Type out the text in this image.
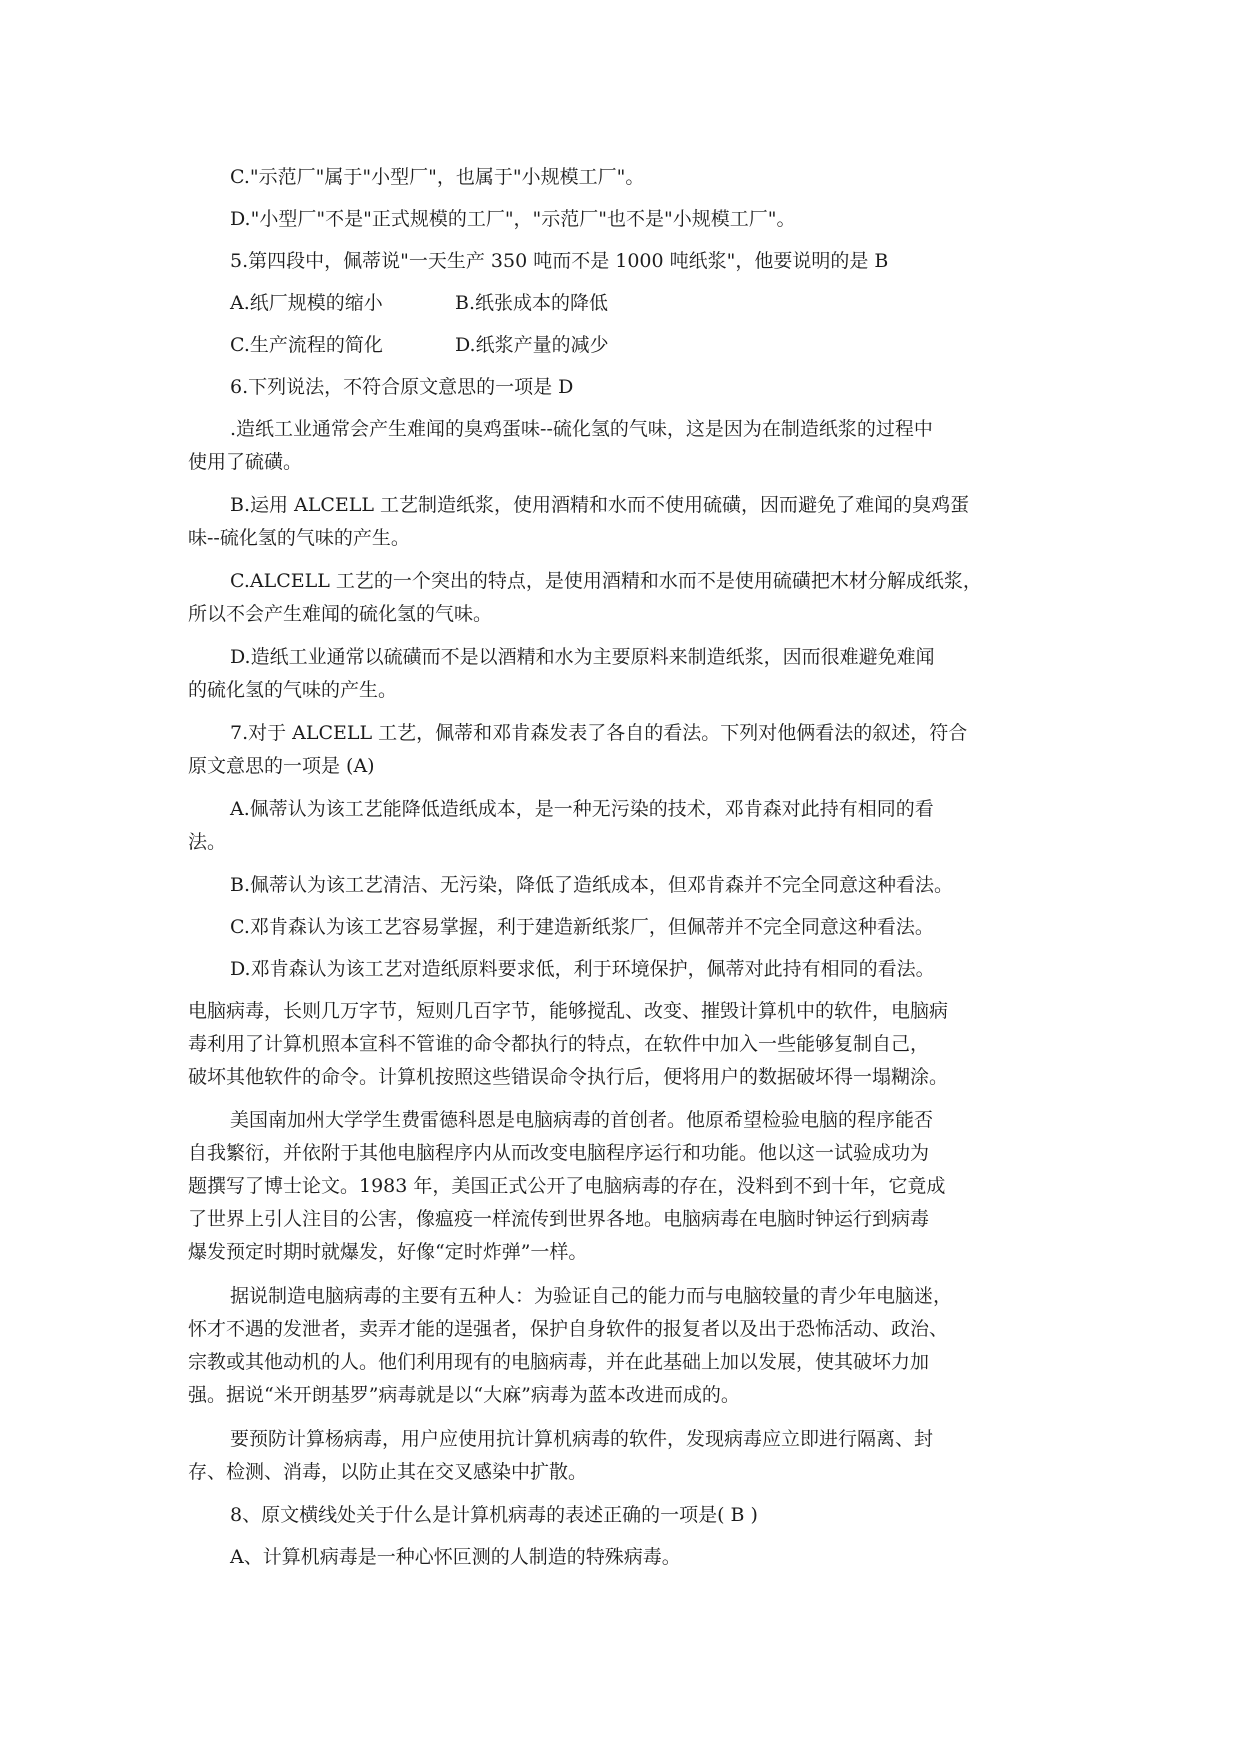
C."示范厂"属于"小型厂"，也属于"小规模工厂"。

D."小型厂"不是"正式规模的工厂"，"示范厂"也不是"小规模工厂"。

5.第四段中，佩蒂说"一天生产 350 吨而不是 1000 吨纸浆"，他要说明的是 B

A.纸厂规模的缩小	B.纸张成本的降低

C.生产流程的简化	D.纸浆产量的减少

6.下列说法，不符合原文意思的一项是 D

.造纸工业通常会产生难闻的臭鸡蛋味--硫化氢的气味，这是因为在制造纸浆的过程中
使用了硫磺。
B.运用 ALCELL 工艺制造纸浆，使用酒精和水而不使用硫磺，因而避免了难闻的臭鸡蛋
味--硫化氢的气味的产生。
C.ALCELL 工艺的一个突出的特点，是使用酒精和水而不是使用硫磺把木材分解成纸浆，
所以不会产生难闻的硫化氢的气味。
D.造纸工业通常以硫磺而不是以酒精和水为主要原料来制造纸浆，因而很难避免难闻
的硫化氢的气味的产生。
7.对于 ALCELL 工艺，佩蒂和邓肯森发表了各自的看法。下列对他俩看法的叙述，符合
原文意思的一项是 (A)
A.佩蒂认为该工艺能降低造纸成本，是一种无污染的技术，邓肯森对此持有相同的看
法。

B.佩蒂认为该工艺清洁、无污染，降低了造纸成本，但邓肯森并不完全同意这种看法。

C.邓肯森认为该工艺容易掌握，利于建造新纸浆厂，但佩蒂并不完全同意这种看法。

D.邓肯森认为该工艺对造纸原料要求低，利于环境保护，佩蒂对此持有相同的看法。

电脑病毒，长则几万字节，短则几百字节，能够搅乱、改变、摧毁计算机中的软件，电脑病
毒利用了计算机照本宣科不管谁的命令都执行的特点，在软件中加入一些能够复制自己，
破坏其他软件的命令。计算机按照这些错误命令执行后，便将用户的数据破坏得一塌糊涂。
美国南加州大学学生费雷德科恩是电脑病毒的首创者。他原希望检验电脑的程序能否
自我繁衍，并依附于其他电脑程序内从而改变电脑程序运行和功能。他以这一试验成功为
题撰写了博士论文。1983 年，美国正式公开了电脑病毒的存在，没料到不到十年，它竟成
了世界上引人注目的公害，像瘟疫一样流传到世界各地。电脑病毒在电脑时钟运行到病毒
爆发预定时期时就爆发，好像“定时炸弹”一样。
据说制造电脑病毒的主要有五种人：为验证自己的能力而与电脑较量的青少年电脑迷，
怀才不遇的发泄者，卖弄才能的逞强者，保护自身软件的报复者以及出于恐怖活动、政治、
宗教或其他动机的人。他们利用现有的电脑病毒，并在此基础上加以发展，使其破坏力加
强。据说“米开朗基罗”病毒就是以“大麻”病毒为蓝本改进而成的。
要预防计算杨病毒，用户应使用抗计算机病毒的软件，发现病毒应立即进行隔离、封
存、检测、消毒，以防止其在交叉感染中扩散。

8、原文横线处关于什么是计算机病毒的表述正确的一项是( B )

A、计算机病毒是一种心怀叵测的人制造的特殊病毒。
